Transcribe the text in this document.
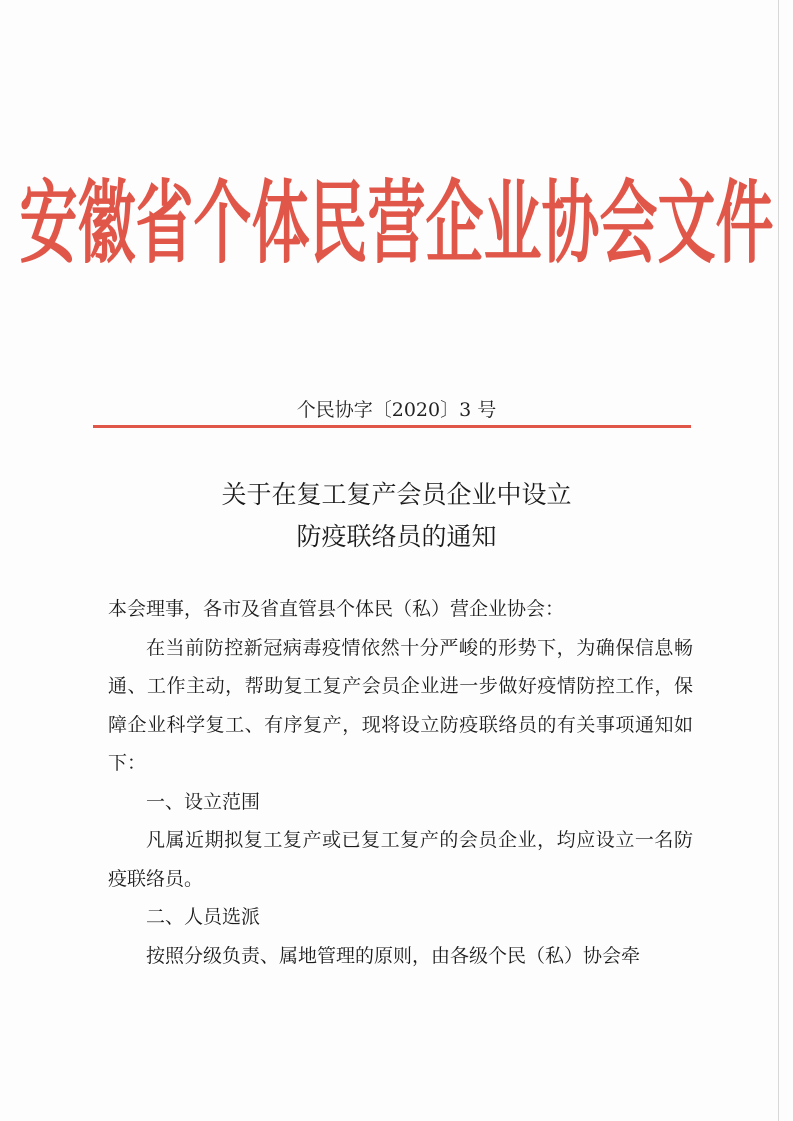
安徽省个体民营企业协会文件
个民协字〔2020〕3 号
关于在复工复产会员企业中设立
防疫联络员的通知

本会理事，各市及省直管县个体民（私）营企业协会：

在当前防控新冠病毒疫情依然十分严峻的形势下，为确保信息畅通、工作主动，帮助复工复产会员企业进一步做好疫情防控工作，保障企业科学复工、有序复产，现将设立防疫联络员的有关事项通知如下：

一、设立范围

凡属近期拟复工复产或已复工复产的会员企业，均应设立一名防疫联络员。

二、人员选派

按照分级负责、属地管理的原则，由各级个民（私）协会牵
